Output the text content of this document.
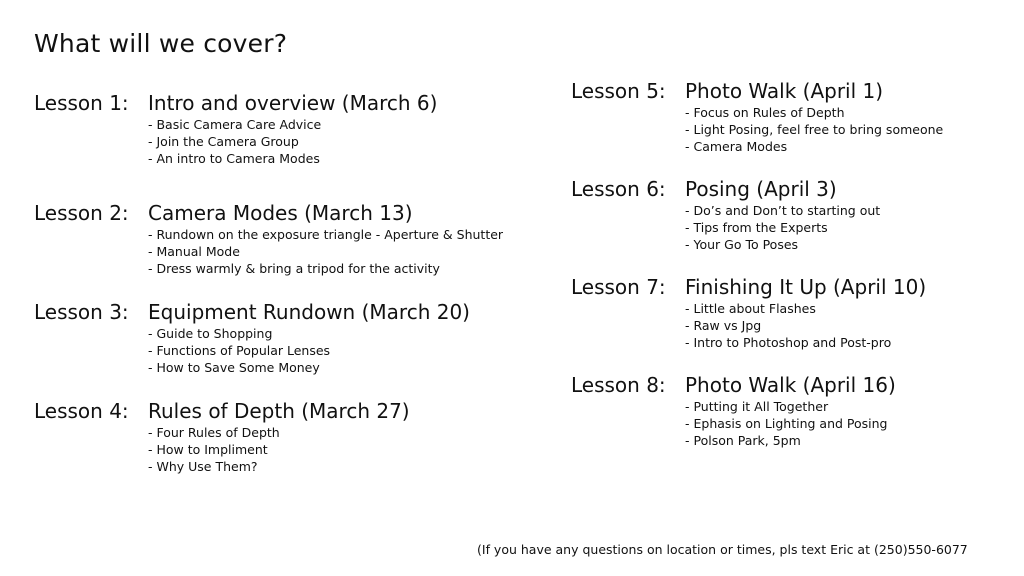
What will we cover?
Lesson 1: Intro and overview (March 6)
- Basic Camera Care Advice
- Join the Camera Group
- An intro to Camera Modes
Lesson 2: Camera Modes (March 13)
- Rundown on the exposure triangle - Aperture & Shutter
- Manual Mode
- Dress warmly & bring a tripod for the activity
Lesson 3: Equipment Rundown (March 20)
- Guide to Shopping
- Functions of Popular Lenses
- How to Save Some Money
Lesson 4: Rules of Depth (March 27)
- Four Rules of Depth
- How to Impliment
- Why Use Them?
Lesson 5: Photo Walk (April 1)
- Focus on Rules of Depth
- Light Posing, feel free to bring someone
- Camera Modes
Lesson 6: Posing (April 3)
- Do’s and Don’t to starting out
- Tips from the Experts
- Your Go To Poses
Lesson 7: Finishing It Up (April 10)
- Little about Flashes
- Raw vs Jpg
- Intro to Photoshop and Post-pro
Lesson 8: Photo Walk (April 16)
- Putting it All Together
- Ephasis on Lighting and Posing
- Polson Park, 5pm
(If you have any questions on location or times, pls text Eric at (250)550-6077
